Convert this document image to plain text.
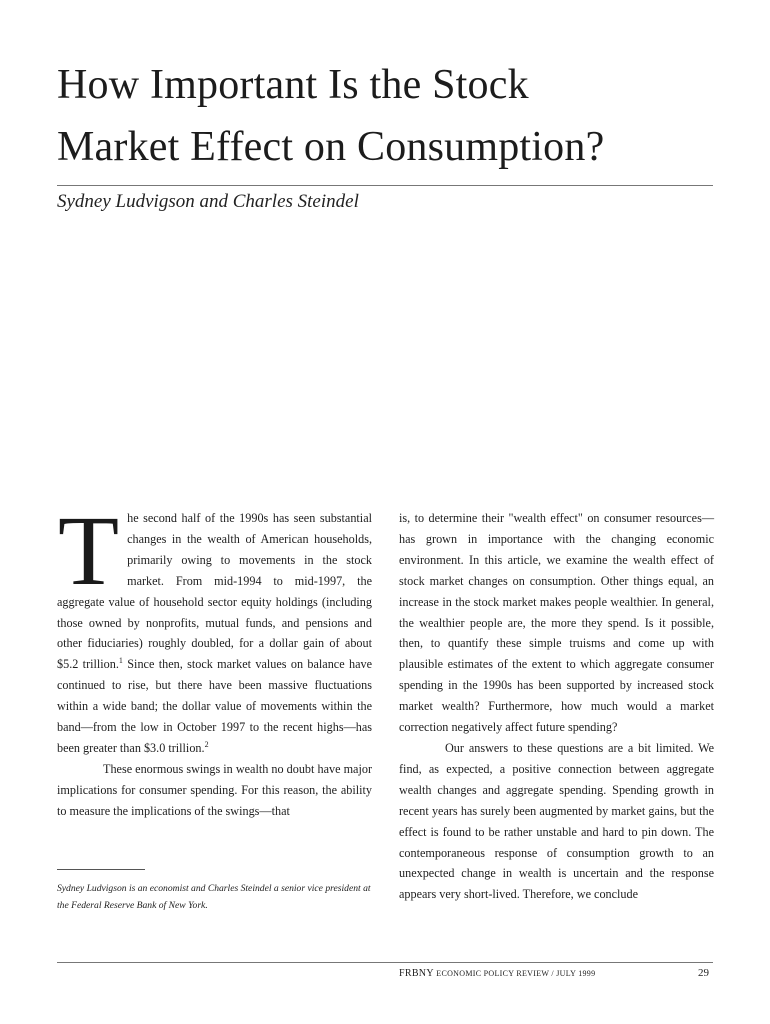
How Important Is the Stock
Market Effect on Consumption?
Sydney Ludvigson and Charles Steindel

The second half of the 1990s has seen substantial changes in the wealth of American households, primarily owing to movements in the stock market. From mid-1994 to mid-1997, the aggregate value of household sector equity holdings (including those owned by nonprofits, mutual funds, and pensions and other fiduciaries) roughly doubled, for a dollar gain of about $5.2 trillion.$^1$ Since then, stock market values on balance have continued to rise, but there have been massive fluctuations within a wide band; the dollar value of movements within the band—from the low in October 1997 to the recent highs—has been greater than $3.0 trillion.$^2$

These enormous swings in wealth no doubt have major implications for consumer spending. For this reason, the ability to measure the implications of the swings—that

is, to determine their "wealth effect" on consumer resources—has grown in importance with the changing economic environment. In this article, we examine the wealth effect of stock market changes on consumption. Other things equal, an increase in the stock market makes people wealthier. In general, the wealthier people are, the more they spend. Is it possible, then, to quantify these simple truisms and come up with plausible estimates of the extent to which aggregate consumer spending in the 1990s has been supported by increased stock market wealth? Furthermore, how much would a market correction negatively affect future spending?

Our answers to these questions are a bit limited. We find, as expected, a positive connection between aggregate wealth changes and aggregate spending. Spending growth in recent years has surely been augmented by market gains, but the effect is found to be rather unstable and hard to pin down. The contemporaneous response of consumption growth to an unexpected change in wealth is uncertain and the response appears very short-lived. Therefore, we conclude

Sydney Ludvigson is an economist and Charles Steindel a senior vice president at the Federal Reserve Bank of New York.
FRBNY ECONOMIC POLICY REVIEW / JULY 1999	29
